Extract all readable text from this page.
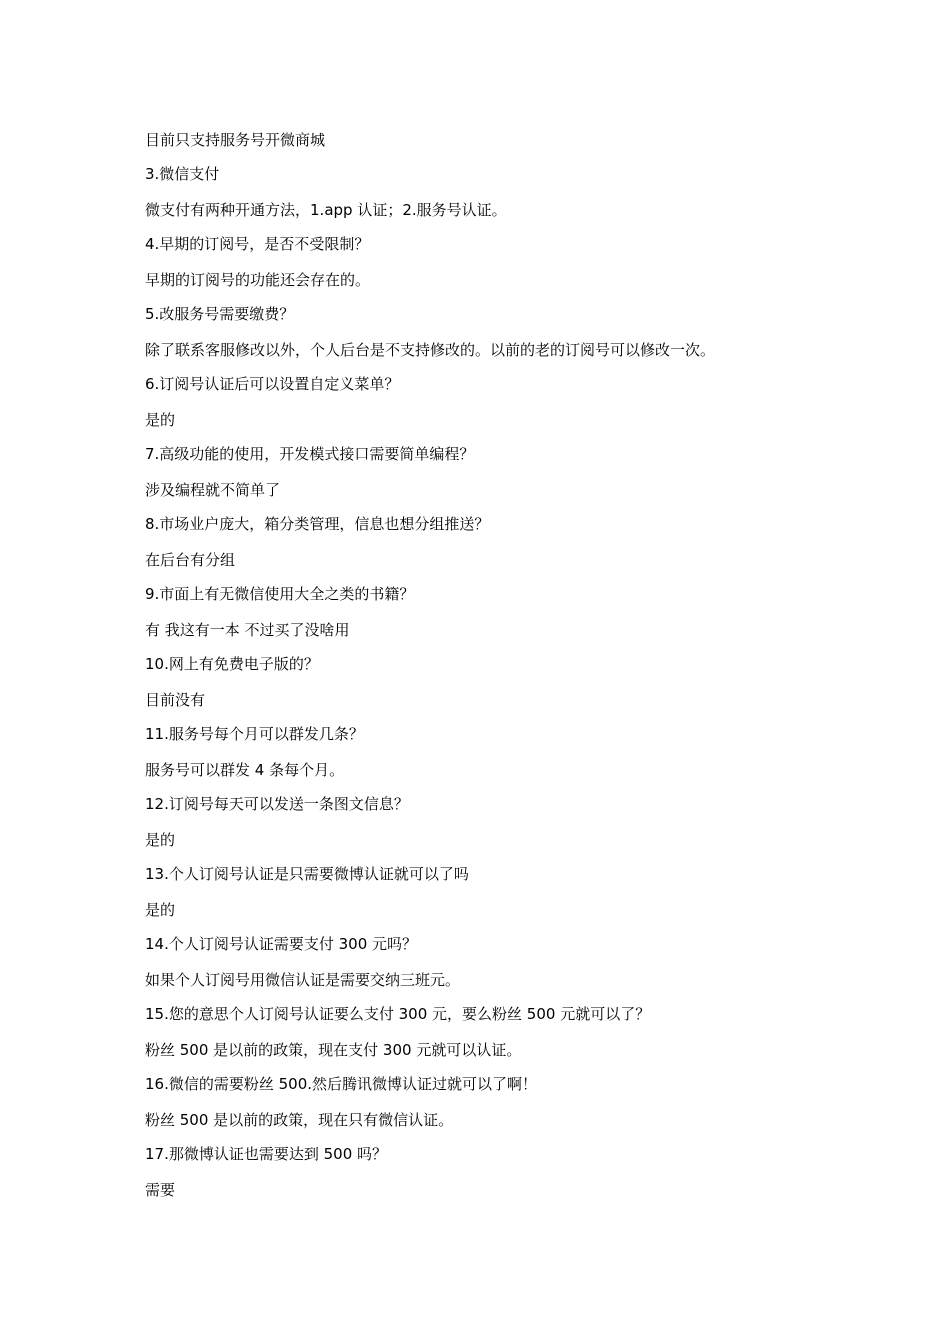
目前只支持服务号开微商城
3.微信支付
微支付有两种开通方法，1.app 认证；2.服务号认证。
4.早期的订阅号，是否不受限制？
早期的订阅号的功能还会存在的。
5.改服务号需要缴费？
除了联系客服修改以外，个人后台是不支持修改的。以前的老的订阅号可以修改一次。
6.订阅号认证后可以设置自定义菜单？
是的
7.高级功能的使用，开发模式接口需要简单编程？
涉及编程就不简单了
8.市场业户庞大，箱分类管理，信息也想分组推送？
在后台有分组
9.市面上有无微信使用大全之类的书籍？
有 我这有一本 不过买了没啥用
10.网上有免费电子版的？
目前没有
11.服务号每个月可以群发几条？
服务号可以群发 4 条每个月。
12.订阅号每天可以发送一条图文信息？
是的
13.个人订阅号认证是只需要微博认证就可以了吗
是的
14.个人订阅号认证需要支付 300 元吗？
如果个人订阅号用微信认证是需要交纳三班元。
15.您的意思个人订阅号认证要么支付 300 元，要么粉丝 500 元就可以了？
粉丝 500 是以前的政策，现在支付 300 元就可以认证。
16.微信的需要粉丝 500.然后腾讯微博认证过就可以了啊！
粉丝 500 是以前的政策，现在只有微信认证。
17.那微博认证也需要达到 500 吗？
需要
